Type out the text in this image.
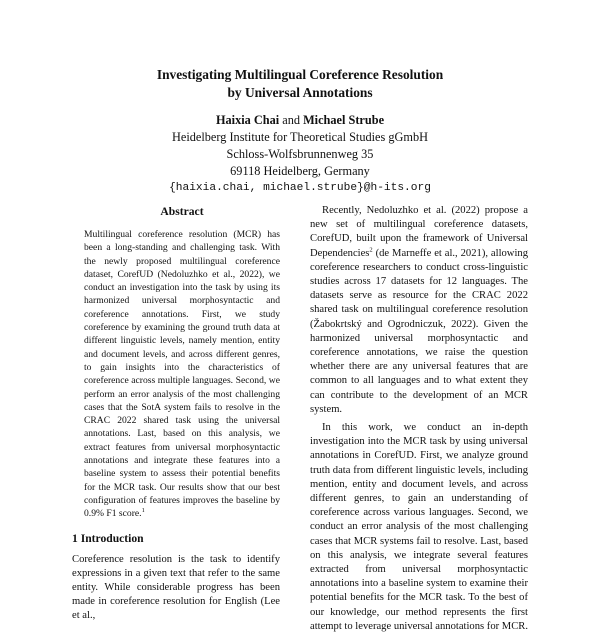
Investigating Multilingual Coreference Resolution
by Universal Annotations
Haixia Chai and Michael Strube
Heidelberg Institute for Theoretical Studies gGmbH
Schloss-Wolfsbrunnenweg 35
69118 Heidelberg, Germany
{haixia.chai, michael.strube}@h-its.org
Abstract

Multilingual coreference resolution (MCR) has been a long-standing and challenging task. With the newly proposed multilingual coreference dataset, CorefUD (Nedoluzhko et al., 2022), we conduct an investigation into the task by using its harmonized universal morphosyntactic and coreference annotations. First, we study coreference by examining the ground truth data at different linguistic levels, namely mention, entity and document levels, and across different genres, to gain insights into the characteristics of coreference across multiple languages. Second, we perform an error analysis of the most challenging cases that the SotA system fails to resolve in the CRAC 2022 shared task using the universal annotations. Last, based on this analysis, we extract features from universal morphosyntactic annotations and integrate these features into a baseline system to assess their potential benefits for the MCR task. Our results show that our best configuration of features improves the baseline by 0.9% F1 score.$^1$

1 Introduction

Coreference resolution is the task to identify expressions in a given text that refer to the same entity. While considerable progress has been made in coreference resolution for English (Lee et al.,

Recently, Nedoluzhko et al. (2022) propose a new set of multilingual coreference datasets, CorefUD, built upon the framework of Universal Dependencies$^2$ (de Marneffe et al., 2021), allowing coreference researchers to conduct cross-linguistic studies across 17 datasets for 12 languages. The datasets serve as resource for the CRAC 2022 shared task on multilingual coreference resolution (Žabokrtský and Ogrodniczuk, 2022). Given the harmonized universal morphosyntactic and coreference annotations, we raise the question whether there are any universal features that are common to all languages and to what extent they can contribute to the development of an MCR system.

In this work, we conduct an in-depth investigation into the MCR task by using universal annotations in CorefUD. First, we analyze ground truth data from different linguistic levels, including mention, entity and document levels, and across different genres, to gain an understanding of coreference across various languages. Second, we conduct an error analysis of the most challenging cases that MCR systems fail to resolve. Last, based on this analysis, we integrate several features extracted from universal morphosyntactic annotations into a baseline system to examine their potential benefits for the MCR task. To the best of our knowledge, our method represents the first attempt to leverage universal annotations for MCR.
